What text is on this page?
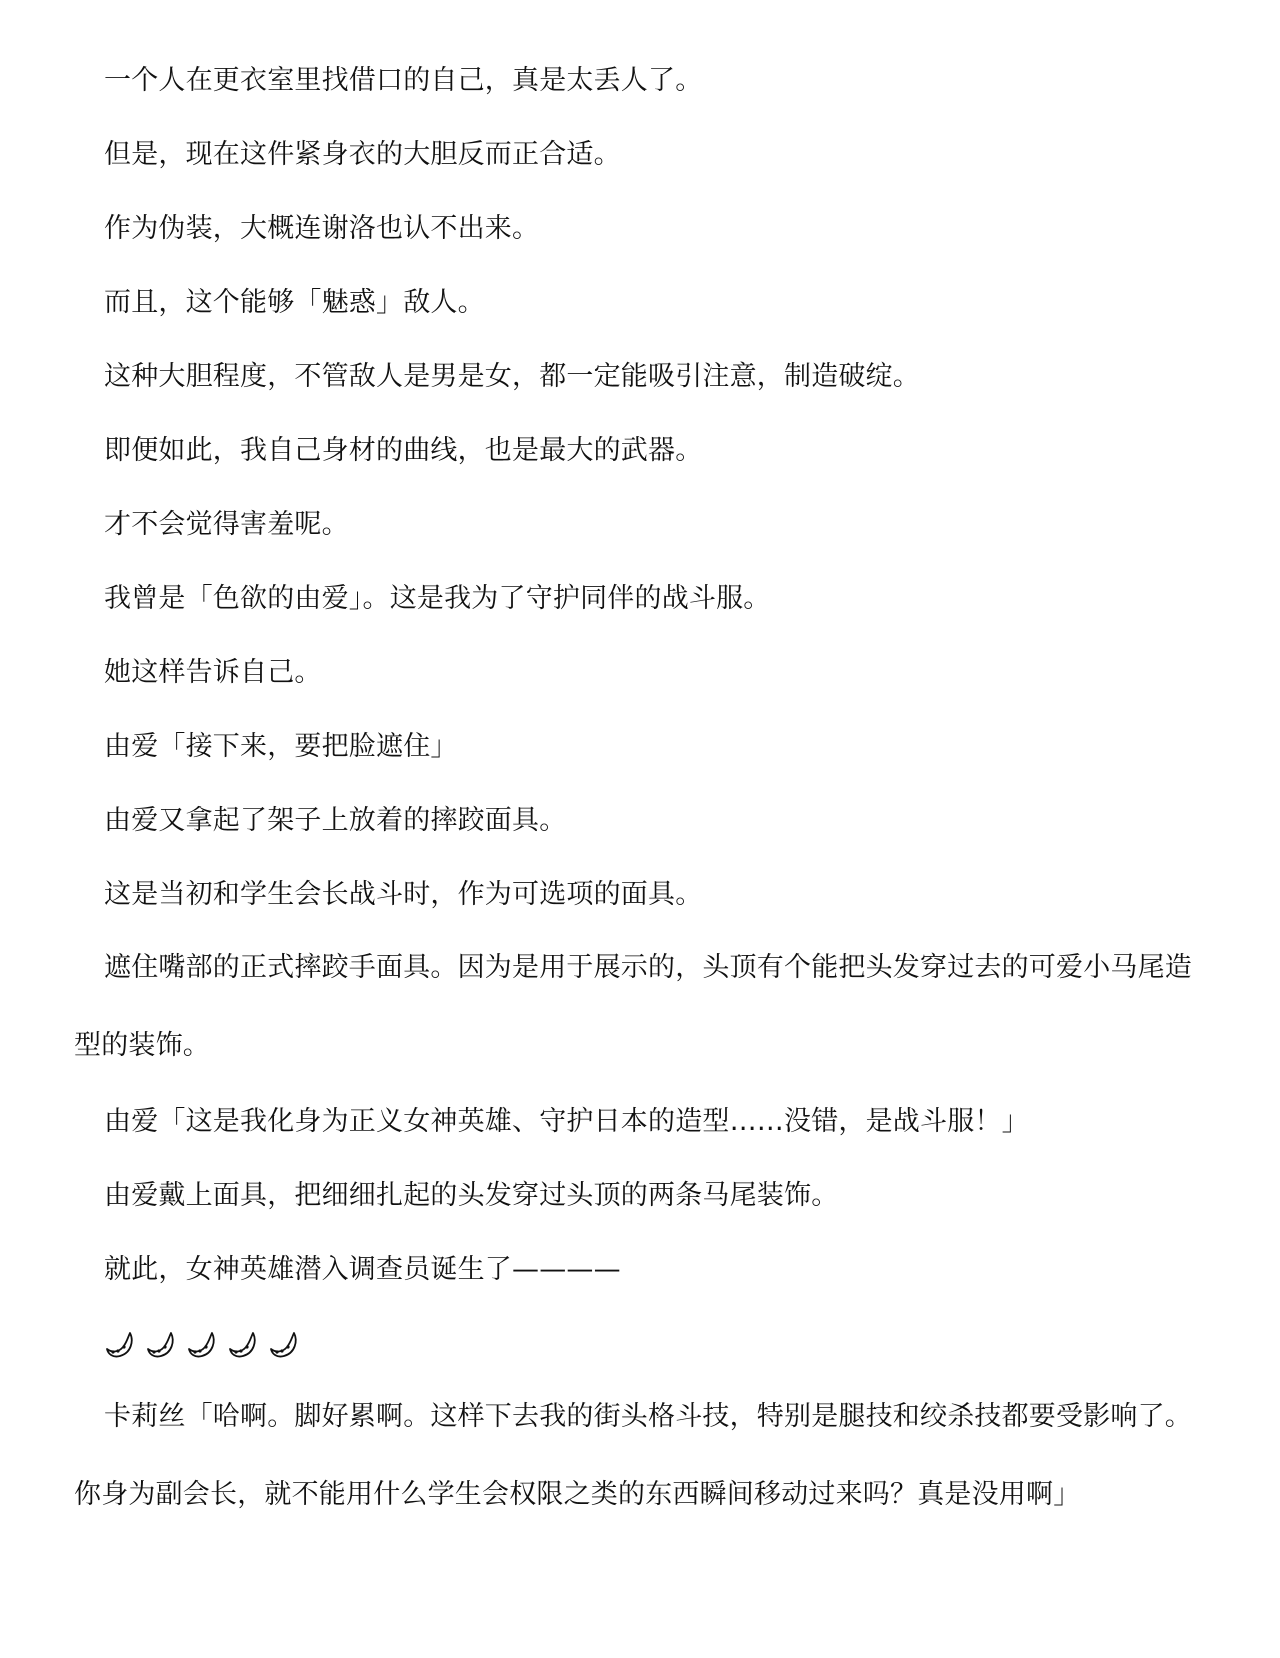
一个人在更衣室里找借口的自己，真是太丢人了。

但是，现在这件紧身衣的大胆反而正合适。

作为伪装，大概连谢洛也认不出来。

而且，这个能够「魅惑」敌人。

这种大胆程度，不管敌人是男是女，都一定能吸引注意，制造破绽。

即便如此，我自己身材的曲线，也是最大的武器。

才不会觉得害羞呢。

我曾是「色欲的由爱」。这是我为了守护同伴的战斗服。

她这样告诉自己。

由爱「接下来，要把脸遮住」

由爱又拿起了架子上放着的摔跤面具。

这是当初和学生会长战斗时，作为可选项的面具。

遮住嘴部的正式摔跤手面具。因为是用于展示的，头顶有个能把头发穿过去的可爱小马尾造型的装饰。

由爱「这是我化身为正义女神英雄、守护日本的造型……没错，是战斗服！」

由爱戴上面具，把细细扎起的头发穿过头顶的两条马尾装饰。

就此，女神英雄潜入调查员诞生了————

卡莉丝「哈啊。脚好累啊。这样下去我的街头格斗技，特别是腿技和绞杀技都要受影响了。你身为副会长，就不能用什么学生会权限之类的东西瞬间移动过来吗？真是没用啊」
